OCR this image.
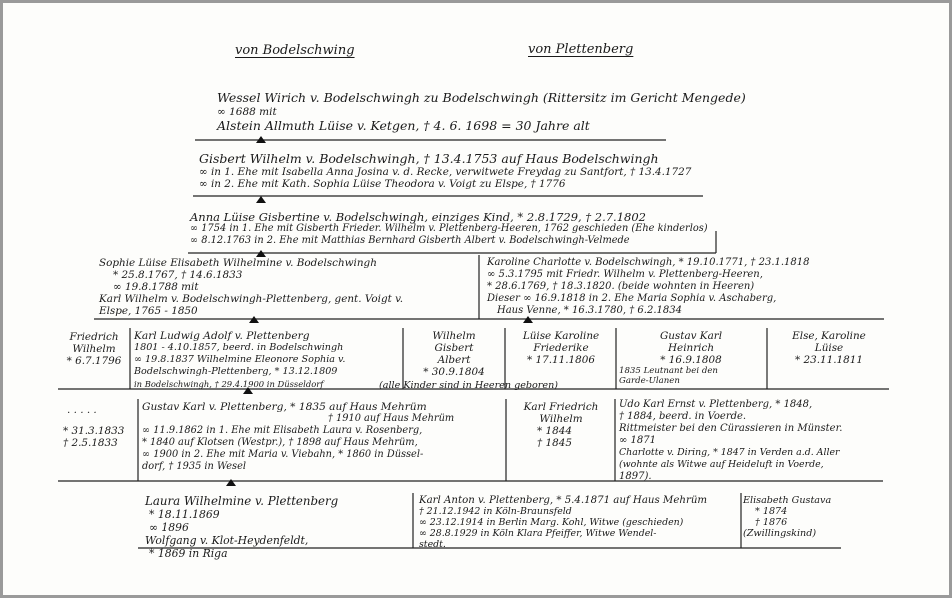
von Bodelschwing	von Plettenberg
Wessel Wirich v. Bodelschwingh zu Bodelschwingh (Rittersitz im Gericht Mengede)
∞ 1688 mit
Alstein Allmuth Lüise v. Ketgen, † 4. 6. 1698 = 30 Jahre alt
Gisbert Wilhelm v. Bodelschwingh, † 13.4.1753 auf Haus Bodelschwingh
∞ in 1. Ehe mit Isabella Anna Josina v. d. Recke, verwitwete Freydag zu Santfort, † 13.4.1727
∞ in 2. Ehe mit Kath. Sophia Lüise Theodora v. Voigt zu Elspe, † 1776
Anna Lüise Gisbertine v. Bodelschwingh, einziges Kind, * 2.8.1729, † 2.7.1802
∞ 1754 in 1. Ehe mit Gisberth Frieder. Wilhelm v. Plettenberg-Heeren, 1762 geschieden (Ehe kinderlos)
∞ 8.12.1763 in 2. Ehe mit Matthias Bernhard Gisberth Albert v. Bodelschwingh-Velmede
Sophie Lüise Elisabeth Wilhelmine v. Bodelschwingh
* 25.8.1767, † 14.6.1833
∞ 19.8.1788 mit
Karl Wilhelm v. Bodelschwingh-Plettenberg, gent. Voigt v.
Elspe, 1765 - 1850
Karoline Charlotte v. Bodelschwingh, * 19.10.1771, † 23.1.1818
∞ 5.3.1795 mit Friedr. Wilhelm v. Plettenberg-Heeren,
* 28.6.1769, † 18.3.1820. (beide wohnten in Heeren)
Dieser ∞ 16.9.1818 in 2. Ehe Maria Sophia v. Aschaberg,
Haus Venne, * 16.3.1780, † 6.2.1834
Friedrich
Wilhelm
* 6.7.1796
Karl Ludwig Adolf v. Plettenberg
1801 - 4.10.1857, beerd. in Bodelschwingh
∞ 19.8.1837 Wilhelmine Eleonore Sophia v.
Bodelschwingh-Plettenberg, * 13.12.1809
in Bodelschwingh, † 29.4.1900 in Düsseldorf
Wilhelm
Gisbert
Albert
* 30.9.1804
Lüise Karoline
Friederike
* 17.11.1806
Gustav Karl
Heinrich
* 16.9.1808
1835 Leutnant bei den
Garde-Ulanen
Else, Karoline
Lüise
* 23.11.1811
(alle Kinder sind in Heeren geboren)
. . . . .
* 31.3.1833
† 2.5.1833
Gustav Karl v. Plettenberg, * 1835 auf Haus Mehrüm
† 1910 auf Haus Mehrüm
∞ 11.9.1862 in 1. Ehe mit Elisabeth Laura v. Rosenberg,
* 1840 auf Klotsen (Westpr.), † 1898 auf Haus Mehrüm,
∞ 1900 in 2. Ehe mit Maria v. Viebahn, * 1860 in Düssel-
dorf, † 1935 in Wesel
Karl Friedrich
Wilhelm
* 1844
† 1845
Udo Karl Ernst v. Plettenberg, * 1848,
† 1884, beerd. in Voerde.
Rittmeister bei den Cürassieren in Münster.
∞ 1871
Charlotte v. Diring, * 1847 in Verden a.d. Aller
(wohnte als Witwe auf Heideluft in Voerde,
1897).
Laura Wilhelmine v. Plettenberg
* 18.11.1869
∞ 1896
Wolfgang v. Klot-Heydenfeldt,
* 1869 in Riga
Karl Anton v. Plettenberg, * 5.4.1871 auf Haus Mehrüm
† 21.12.1942 in Köln-Braunsfeld
∞ 23.12.1914 in Berlin Marg. Kohl, Witwe (geschieden)
∞ 28.8.1929 in Köln Klara Pfeiffer, Witwe Wendel-
stedt.
Elisabeth Gustava
* 1874
† 1876
(Zwillingskind)
